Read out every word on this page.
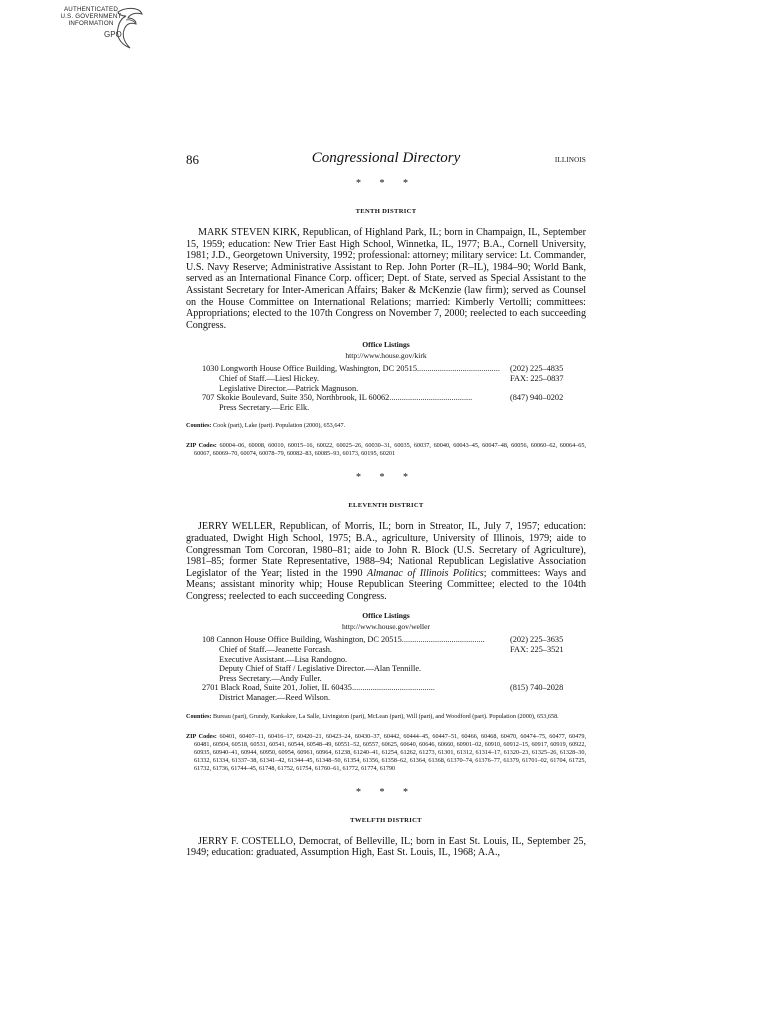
AUTHENTICATED
U.S. GOVERNMENT
INFORMATION
GPO
86	Congressional Directory	ILLINOIS
* * *
TENTH DISTRICT
MARK STEVEN KIRK, Republican, of Highland Park, IL; born in Champaign, IL, September 15, 1959; education: New Trier East High School, Winnetka, IL, 1977; B.A., Cornell University, 1981; J.D., Georgetown University, 1992; professional: attorney; military service: Lt. Commander, U.S. Navy Reserve; Administrative Assistant to Rep. John Porter (R–IL), 1984–90; World Bank, served as an International Finance Corp. officer; Dept. of State, served as Special Assistant to the Assistant Secretary for Inter-American Affairs; Baker & McKenzie (law firm); served as Counsel on the House Committee on International Relations; married: Kimberly Vertolli; committees: Appropriations; elected to the 107th Congress on November 7, 2000; reelected to each succeeding Congress.
Office Listings
http://www.house.gov/kirk
1030 Longworth House Office Building, Washington, DC 20515 ........................................	(202) 225–4835
Chief of Staff.—Liesl Hickey.	FAX: 225–0837
Legislative Director.—Patrick Magnuson.
707 Skokie Boulevard, Suite 350, Northbrook, IL 60062 ........................................	(847) 940–0202
Press Secretary.—Eric Elk.
Counties: Cook (part), Lake (part). Population (2000), 653,647.
ZIP Codes: 60004–06, 60008, 60010, 60015–16, 60022, 60025–26, 60030–31, 60035, 60037, 60040, 60043–45, 60047–48, 60056, 60060–62, 60064–65, 60067, 60069–70, 60074, 60078–79, 60082–83, 60085–93, 60173, 60195, 60201
* * *
ELEVENTH DISTRICT
JERRY WELLER, Republican, of Morris, IL; born in Streator, IL, July 7, 1957; education: graduated, Dwight High School, 1975; B.A., agriculture, University of Illinois, 1979; aide to Congressman Tom Corcoran, 1980–81; aide to John R. Block (U.S. Secretary of Agriculture), 1981–85; former State Representative, 1988–94; National Republican Legislative Association Legislator of the Year; listed in the 1990 Almanac of Illinois Politics; committees: Ways and Means; assistant minority whip; House Republican Steering Committee; elected to the 104th Congress; reelected to each succeeding Congress.
Office Listings
http://www.house.gov/weller
108 Cannon House Office Building, Washington, DC 20515 ........................................	(202) 225–3635
Chief of Staff.—Jeanette Forcash.	FAX: 225–3521
Executive Assistant.—Lisa Randogno.
Deputy Chief of Staff / Legislative Director.—Alan Tennille.
Press Secretary.—Andy Fuller.
2701 Black Road, Suite 201, Joliet, IL 60435 ........................................	(815) 740–2028
District Manager.—Reed Wilson.
Counties: Bureau (part), Grundy, Kankakee, La Salle, Livingston (part), McLean (part), Will (part), and Woodford (part). Population (2000), 653,658.
ZIP Codes: 60401, 60407–11, 60416–17, 60420–21, 60423–24, 60430–37, 60442, 60444–45, 60447–51, 60466, 60468, 60470, 60474–75, 60477, 60479, 60481, 60504, 60518, 60531, 60541, 60544, 60548–49, 60551–52, 60557, 60625, 60640, 60646, 60660, 60901–02, 60910, 60912–15, 60917, 60919, 60922, 60935, 60940–41, 60944, 60950, 60954, 60961, 60964, 61238, 61240–41, 61254, 61262, 61273, 61301, 61312, 61314–17, 61320–23, 61325–26, 61328–30, 61332, 61334, 61337–38, 61341–42, 61344–45, 61348–50, 61354, 61356, 61358–62, 61364, 61368, 61370–74, 61376–77, 61379, 61701–02, 61704, 61725, 61732, 61736, 61744–45, 61748, 61752, 61754, 61760–61, 61772, 61774, 61790
* * *
TWELFTH DISTRICT
JERRY F. COSTELLO, Democrat, of Belleville, IL; born in East St. Louis, IL, September 25, 1949; education: graduated, Assumption High, East St. Louis, IL, 1968; A.A.,
